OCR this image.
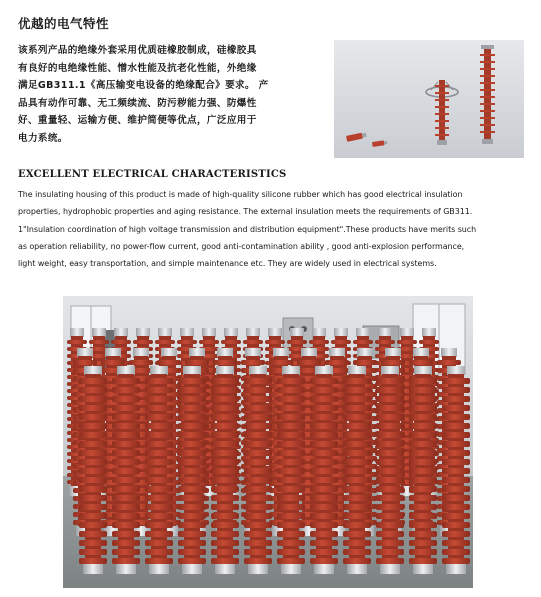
优越的电气特性
该系列产品的绝缘外套采用优质硅橡胶制成，硅橡胶具
有良好的电绝缘性能、憎水性能及抗老化性能，外绝缘
满足GB311.1《高压输变电设备的绝缘配合》要求。 产
品具有动作可靠、无工频续流、防污秽能力强、防爆性
好、重量轻、运输方便、维护简便等优点，广泛应用于
电力系统。
EXCELLENT ELECTRICAL CHARACTERISTICS
The insulating housing of this product is made of high-quality silicone rubber which has good electrical insulation
properties, hydrophobic properties and aging resistance. The external insulation meets the requirements of GB311.
1"Insulation coordination of high voltage transmission and distribution equipment".These products have merits such
as operation reliability, no power-flow current, good anti-contamination ability , good anti-explosion performance,
light weight, easy transportation, and simple maintenance etc. They are widely used in electrical systems.
